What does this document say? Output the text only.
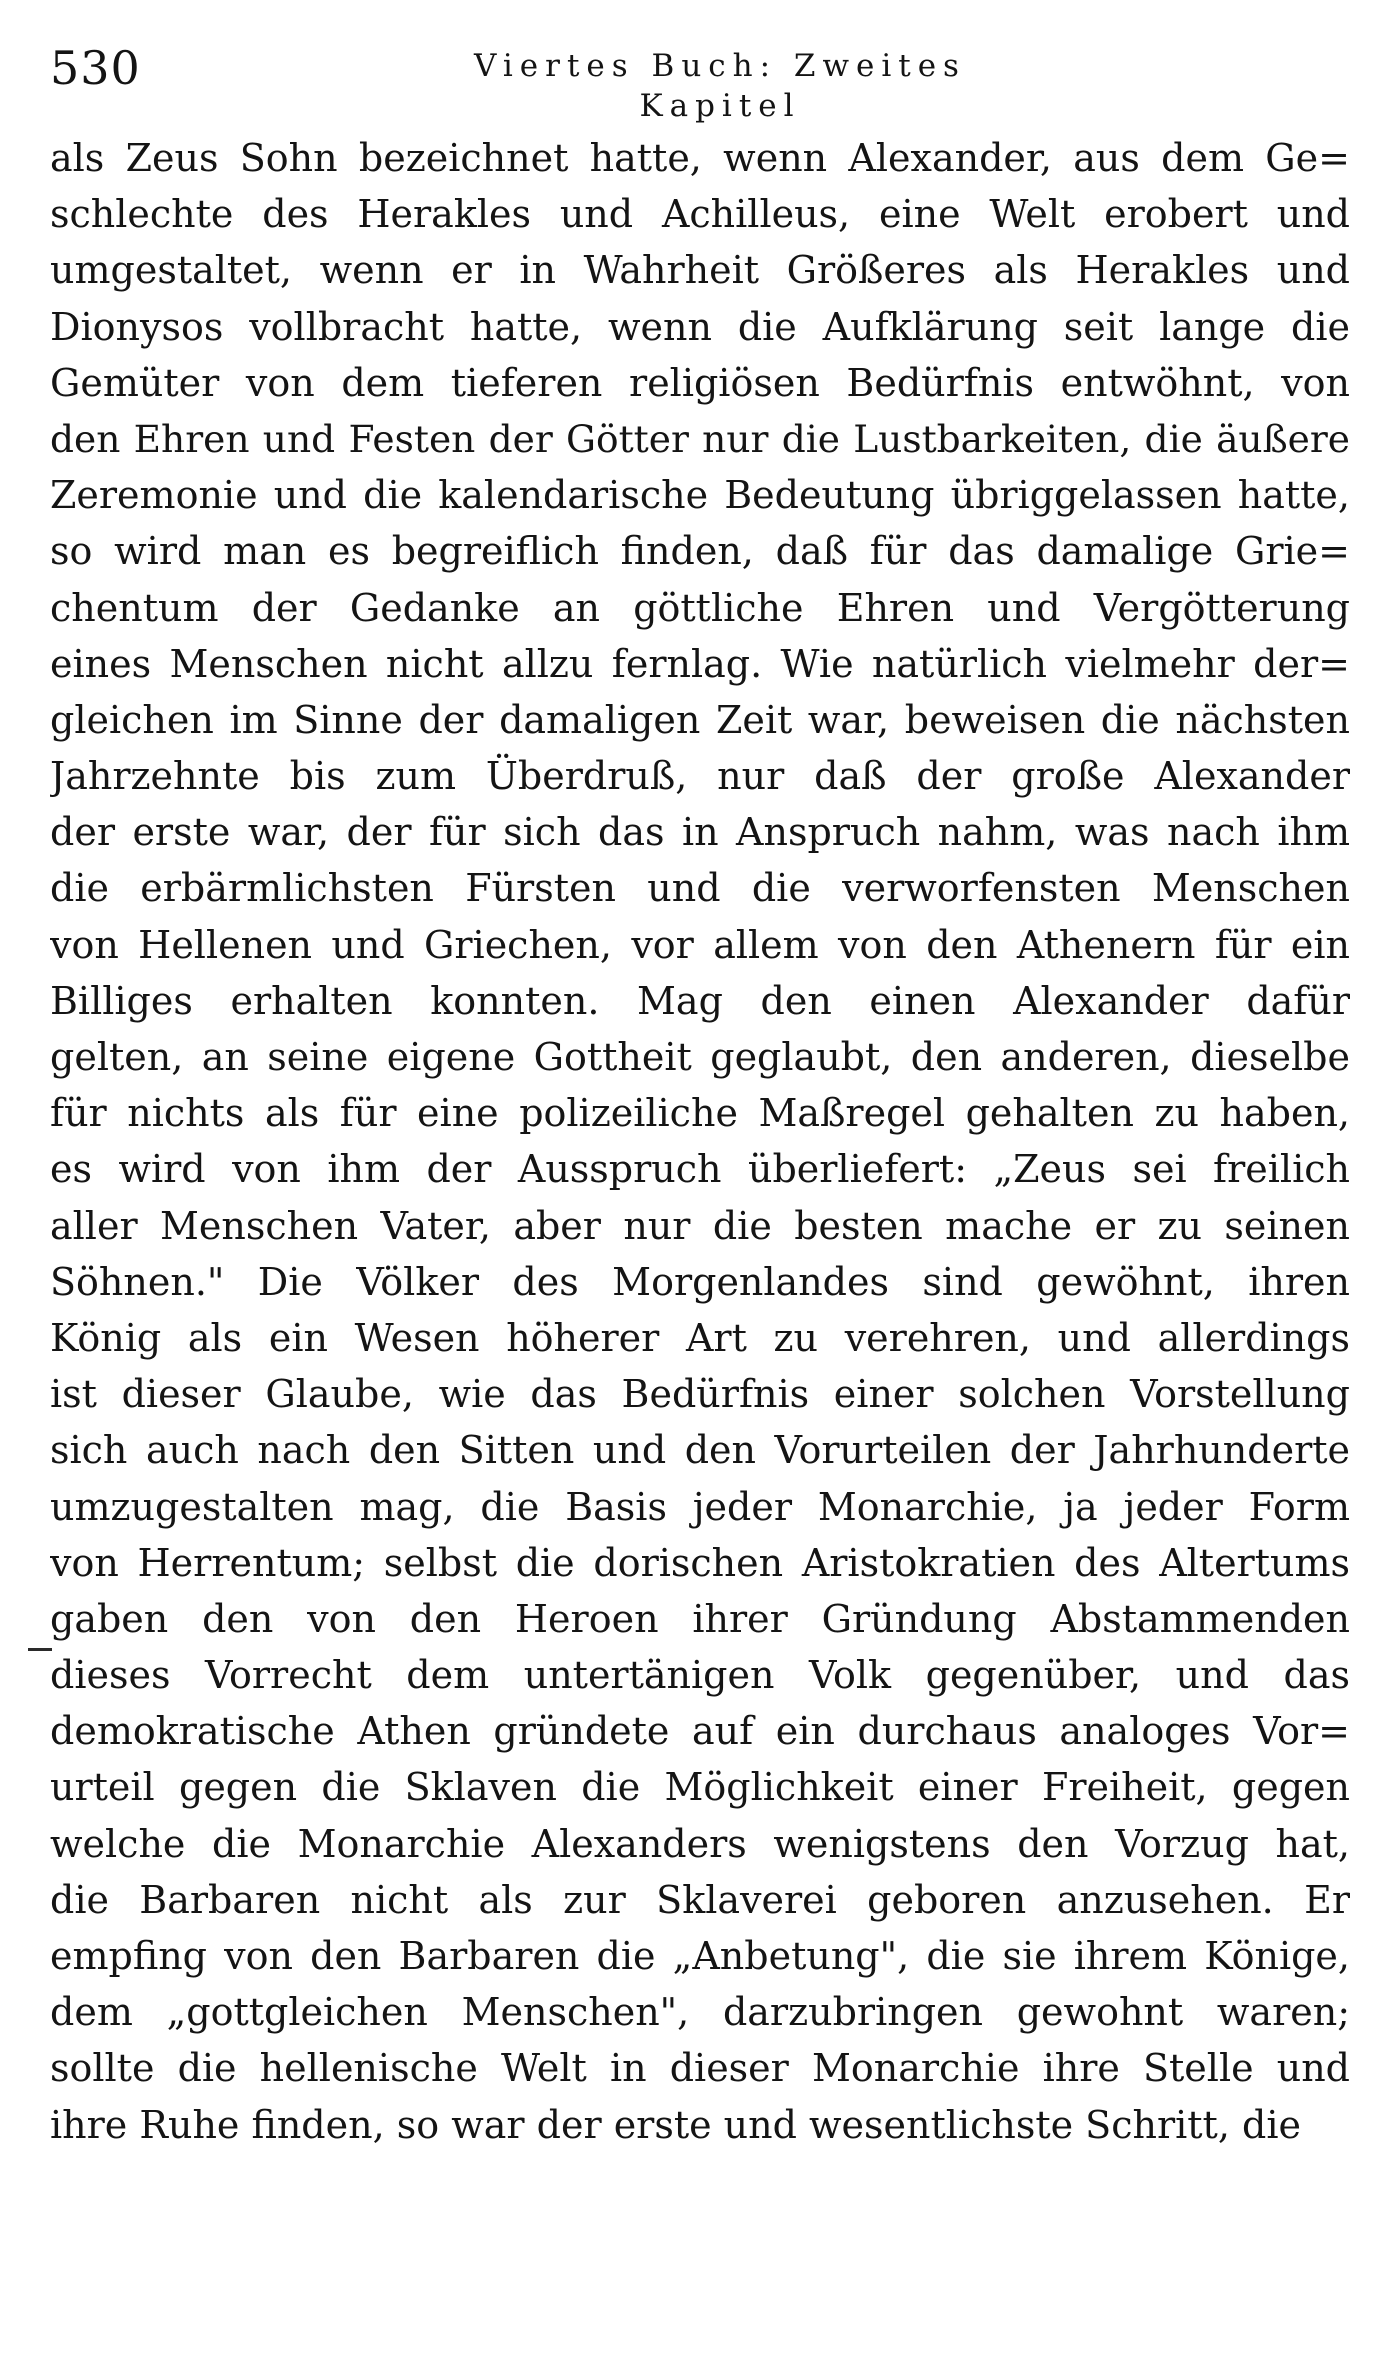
530	Viertes Buch: Zweites Kapitel
als Zeus Sohn bezeichnet hatte, wenn Alexander, aus dem Ge=
schlechte des Herakles und Achilleus, eine Welt erobert und
umgestaltet, wenn er in Wahrheit Größeres als Herakles und
Dionysos vollbracht hatte, wenn die Aufklärung seit lange die
Gemüter von dem tieferen religiösen Bedürfnis entwöhnt, von
den Ehren und Festen der Götter nur die Lustbarkeiten, die äußere
Zeremonie und die kalendarische Bedeutung übriggelassen hatte,
so wird man es begreiflich finden, daß für das damalige Grie=
chentum der Gedanke an göttliche Ehren und Vergötterung
eines Menschen nicht allzu fernlag. Wie natürlich vielmehr der=
gleichen im Sinne der damaligen Zeit war, beweisen die nächsten
Jahrzehnte bis zum Überdruß, nur daß der große Alexander
der erste war, der für sich das in Anspruch nahm, was nach ihm
die erbärmlichsten Fürsten und die verworfensten Menschen
von Hellenen und Griechen, vor allem von den Athenern für ein
Billiges erhalten konnten. Mag den einen Alexander dafür
gelten, an seine eigene Gottheit geglaubt, den anderen, dieselbe
für nichts als für eine polizeiliche Maßregel gehalten zu haben,
es wird von ihm der Ausspruch überliefert: „Zeus sei freilich
aller Menschen Vater, aber nur die besten mache er zu seinen
Söhnen." Die Völker des Morgenlandes sind gewöhnt, ihren
König als ein Wesen höherer Art zu verehren, und allerdings
ist dieser Glaube, wie das Bedürfnis einer solchen Vorstellung
sich auch nach den Sitten und den Vorurteilen der Jahrhunderte
umzugestalten mag, die Basis jeder Monarchie, ja jeder Form
von Herrentum; selbst die dorischen Aristokratien des Altertums
gaben den von den Heroen ihrer Gründung Abstammenden
dieses Vorrecht dem untertänigen Volk gegenüber, und das
demokratische Athen gründete auf ein durchaus analoges Vor=
urteil gegen die Sklaven die Möglichkeit einer Freiheit, gegen
welche die Monarchie Alexanders wenigstens den Vorzug hat,
die Barbaren nicht als zur Sklaverei geboren anzusehen. Er
empfing von den Barbaren die „Anbetung", die sie ihrem Könige,
dem „gottgleichen Menschen", darzubringen gewohnt waren;
sollte die hellenische Welt in dieser Monarchie ihre Stelle und
ihre Ruhe finden, so war der erste und wesentlichste Schritt, die
